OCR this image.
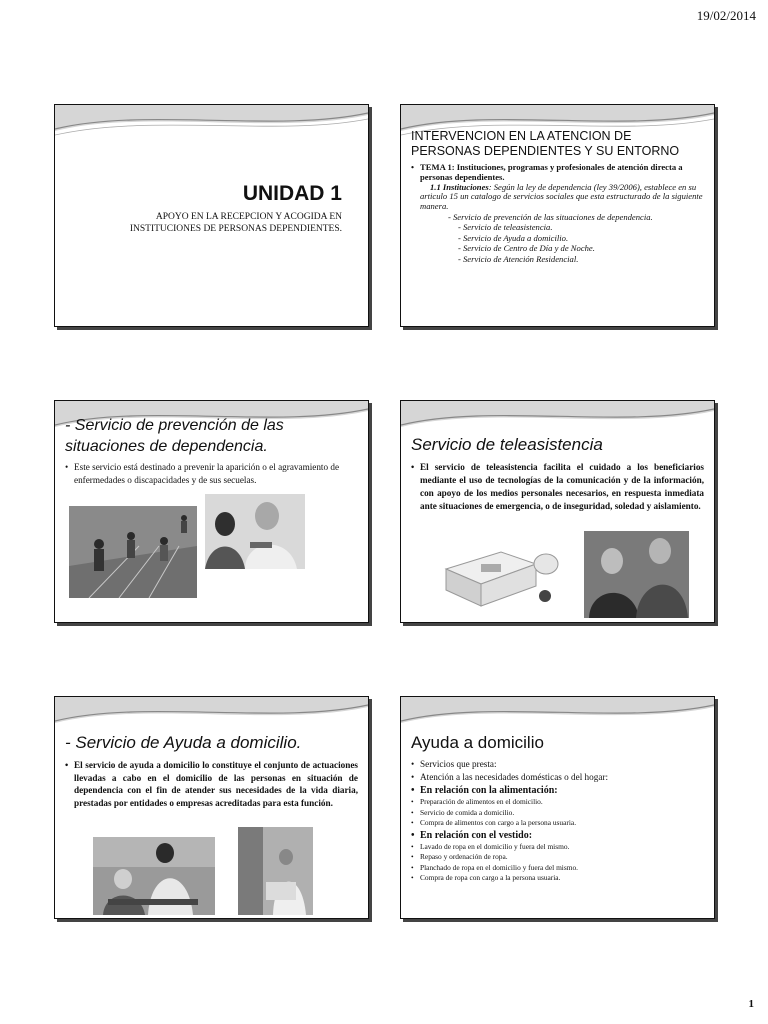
19/02/2014
UNIDAD 1
APOYO EN LA RECEPCION Y ACOGIDA EN
INSTITUCIONES DE PERSONAS DEPENDIENTES.
INTERVENCION EN LA ATENCION DE PERSONAS DEPENDIENTES Y SU ENTORNO
• TEMA 1: Instituciones, programas y profesionales de atención directa a personas dependientes.
1.1 Instituciones: Según la ley de dependencia (ley 39/2006), establece en su articulo 15 un catalogo de servicios sociales que esta estructurado de la siguiente manera.
- Servicio de prevención de las situaciones de dependencia.
- Servicio de teleasistencia.
- Servicio de Ayuda a domicilio.
- Servicio de Centro de Día y de Noche.
- Servicio de Atención Residencial.
- Servicio de prevención de las situaciones de dependencia.
• Este servicio está destinado a prevenir la aparición o el agravamiento de enfermedades o discapacidades y de sus secuelas.
Servicio de teleasistencia
• El servicio de teleasistencia facilita el cuidado a los beneficiarios mediante el uso de tecnologías de la comunicación y de la información, con apoyo de los medios personales necesarios, en respuesta inmediata ante situaciones de emergencia, o de inseguridad, soledad y aislamiento.
- Servicio de Ayuda a domicilio.
• El servicio de ayuda a domicilio lo constituye el conjunto de actuaciones llevadas a cabo en el domicilio de las personas en situación de dependencia con el fin de atender sus necesidades de la vida diaria, prestadas por entidades o empresas acreditadas para esta función.
Ayuda a domicilio
• Servicios que presta:
• Atención a las necesidades domésticas o del hogar:
• En relación con la alimentación:
• Preparación de alimentos en el domicilio.
• Servicio de comida a domicilio.
• Compra de alimentos con cargo a la persona usuaria.
• En relación con el vestido:
• Lavado de ropa en el domicilio y fuera del mismo.
• Repaso y ordenación de ropa.
• Planchado de ropa en el domicilio y fuera del mismo.
• Compra de ropa con cargo a la persona usuaria.
1
